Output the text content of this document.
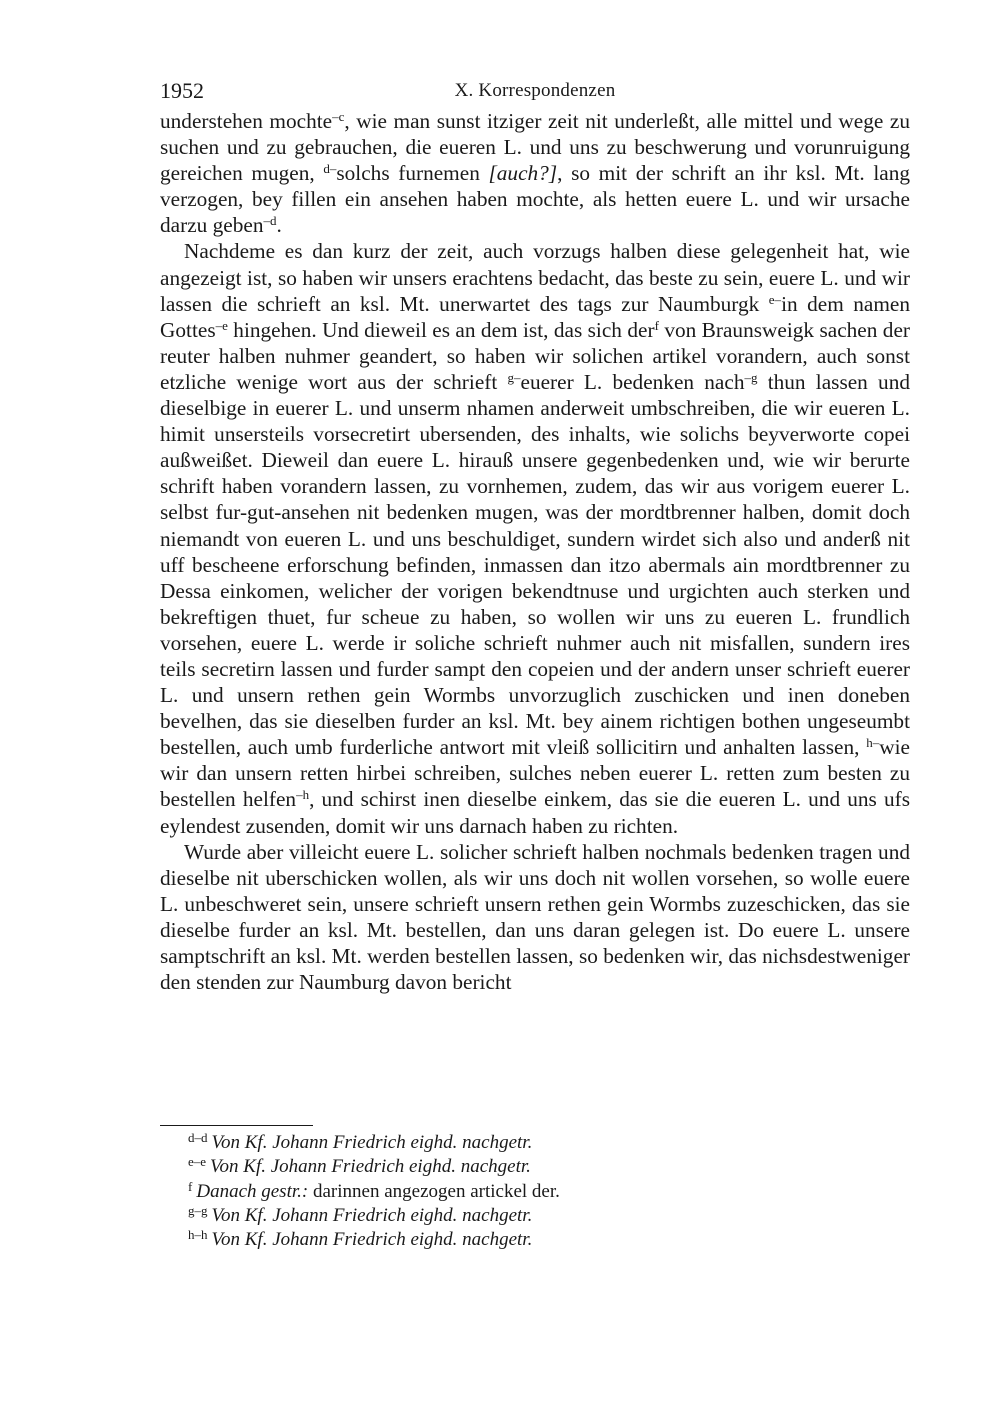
1952	X. Korrespondenzen

understehen mochte$^{-c}$, wie man sunst itziger zeit nit underleßt, alle mittel und wege zu suchen und zu gebrauchen, die eueren L. und uns zu beschwerung und vorunruigung gereichen mugen, $^{d-}$solchs furnemen [auch?], so mit der schrift an ihr ksl. Mt. lang verzogen, bey fillen ein ansehen haben mochte, als hetten euere L. und wir ursache darzu geben$^{-d}$.

Nachdeme es dan kurz der zeit, auch vorzugs halben diese gelegenheit hat, wie angezeigt ist, so haben wir unsers erachtens bedacht, das beste zu sein, euere L. und wir lassen die schrieft an ksl. Mt. unerwartet des tags zur Naumburgk $^{e-}$in dem namen Gottes$^{-e}$ hingehen. Und dieweil es an dem ist, das sich der$^f$ von Braunsweigk sachen der reuter halben nuhmer geandert, so haben wir solichen artikel vorandern, auch sonst etzliche wenige wort aus der schrieft $^{g-}$euerer L. bedenken nach$^{-g}$ thun lassen und dieselbige in euerer L. und unserm nhamen anderweit umbschreiben, die wir eueren L. himit unsersteils vorsecretirt ubersenden, des inhalts, wie solichs beyverworte copei außweißet. Dieweil dan euere L. hirauß unsere gegenbedenken und, wie wir berurte schrift haben vorandern lassen, zu vornhemen, zudem, das wir aus vorigem euerer L. selbst fur-gut-ansehen nit bedenken mugen, was der mordtbrenner halben, domit doch niemandt von eueren L. und uns beschuldiget, sundern wirdet sich also und anderß nit uff bescheene erforschung befinden, inmassen dan itzo abermals ain mordtbrenner zu Dessa einkomen, welicher der vorigen bekendtnuse und urgichten auch sterken und bekreftigen thuet, fur scheue zu haben, so wollen wir uns zu eueren L. frundlich vorsehen, euere L. werde ir soliche schrieft nuhmer auch nit misfallen, sundern ires teils secretirn lassen und furder sampt den copeien und der andern unser schrieft euerer L. und unsern rethen gein Wormbs unvorzuglich zuschicken und inen doneben bevelhen, das sie dieselben furder an ksl. Mt. bey ainem richtigen bothen ungeseumbt bestellen, auch umb furderliche antwort mit vleiß sollicitirn und anhalten lassen, $^{h-}$wie wir dan unsern retten hirbei schreiben, sulches neben euerer L. retten zum besten zu bestellen helfen$^{-h}$, und schirst inen dieselbe einkem, das sie die eueren L. und uns ufs eylendest zusenden, domit wir uns darnach haben zu richten.

Wurde aber villeicht euere L. solicher schrieft halben nochmals bedenken tragen und dieselbe nit uberschicken wollen, als wir uns doch nit wollen vorsehen, so wolle euere L. unbeschweret sein, unsere schrieft unsern rethen gein Wormbs zuzeschicken, das sie dieselbe furder an ksl. Mt. bestellen, dan uns daran gelegen ist. Do euere L. unsere samptschrift an ksl. Mt. werden bestellen lassen, so bedenken wir, das nichsdestweniger den stenden zur Naumburg davon bericht

$^{d-d}$ Von Kf. Johann Friedrich eighd. nachgetr.
$^{e-e}$ Von Kf. Johann Friedrich eighd. nachgetr.
$^f$ Danach gestr.: darinnen angezogen artickel der.
$^{g-g}$ Von Kf. Johann Friedrich eighd. nachgetr.
$^{h-h}$ Von Kf. Johann Friedrich eighd. nachgetr.
